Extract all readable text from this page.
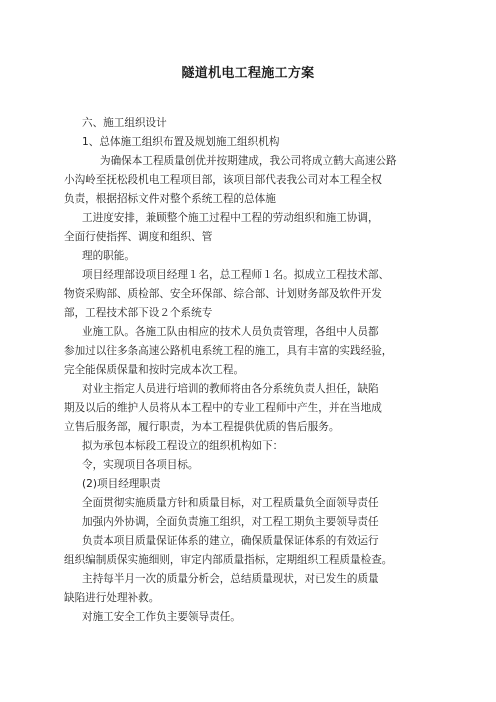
隧道机电工程施工方案
六、施工组织设计
1、总体施工组织布置及规划施工组织机构
为确保本工程质量创优并按期建成，我公司将成立鹤大高速公路
小沟岭至抚松段机电工程项目部，该项目部代表我公司对本工程全权
负责，根据招标文件对整个系统工程的总体施
工进度安排，兼顾整个施工过程中工程的劳动组织和施工协调，
全面行使指挥、调度和组织、管
理的职能。
项目经理部设项目经理１名，总工程师１名。拟成立工程技术部、
物资采购部、质检部、安全环保部、综合部、计划财务部及软件开发
部，工程技术部下设２个系统专
业施工队。各施工队由相应的技术人员负责管理，各组中人员都
参加过以往多条高速公路机电系统工程的施工，具有丰富的实践经验，
完全能保质保量和按时完成本次工程。
对业主指定人员进行培训的教师将由各分系统负责人担任，缺陷
期及以后的维护人员将从本工程中的专业工程师中产生，并在当地成
立售后服务部，履行职责，为本工程提供优质的售后服务。
拟为承包本标段工程设立的组织机构如下：
令，实现项目各项目标。
(2)项目经理职责
全面贯彻实施质量方针和质量目标，对工程质量负全面领导责任
加强内外协调，全面负责施工组织，对工程工期负主要领导责任
负责本项目质量保证体系的建立，确保质量保证体系的有效运行
组织编制质保实施细则，审定内部质量指标，定期组织工程质量检查。
主持每半月一次的质量分析会，总结质量现状，对已发生的质量
缺陷进行处理补救。
对施工安全工作负主要领导责任。
